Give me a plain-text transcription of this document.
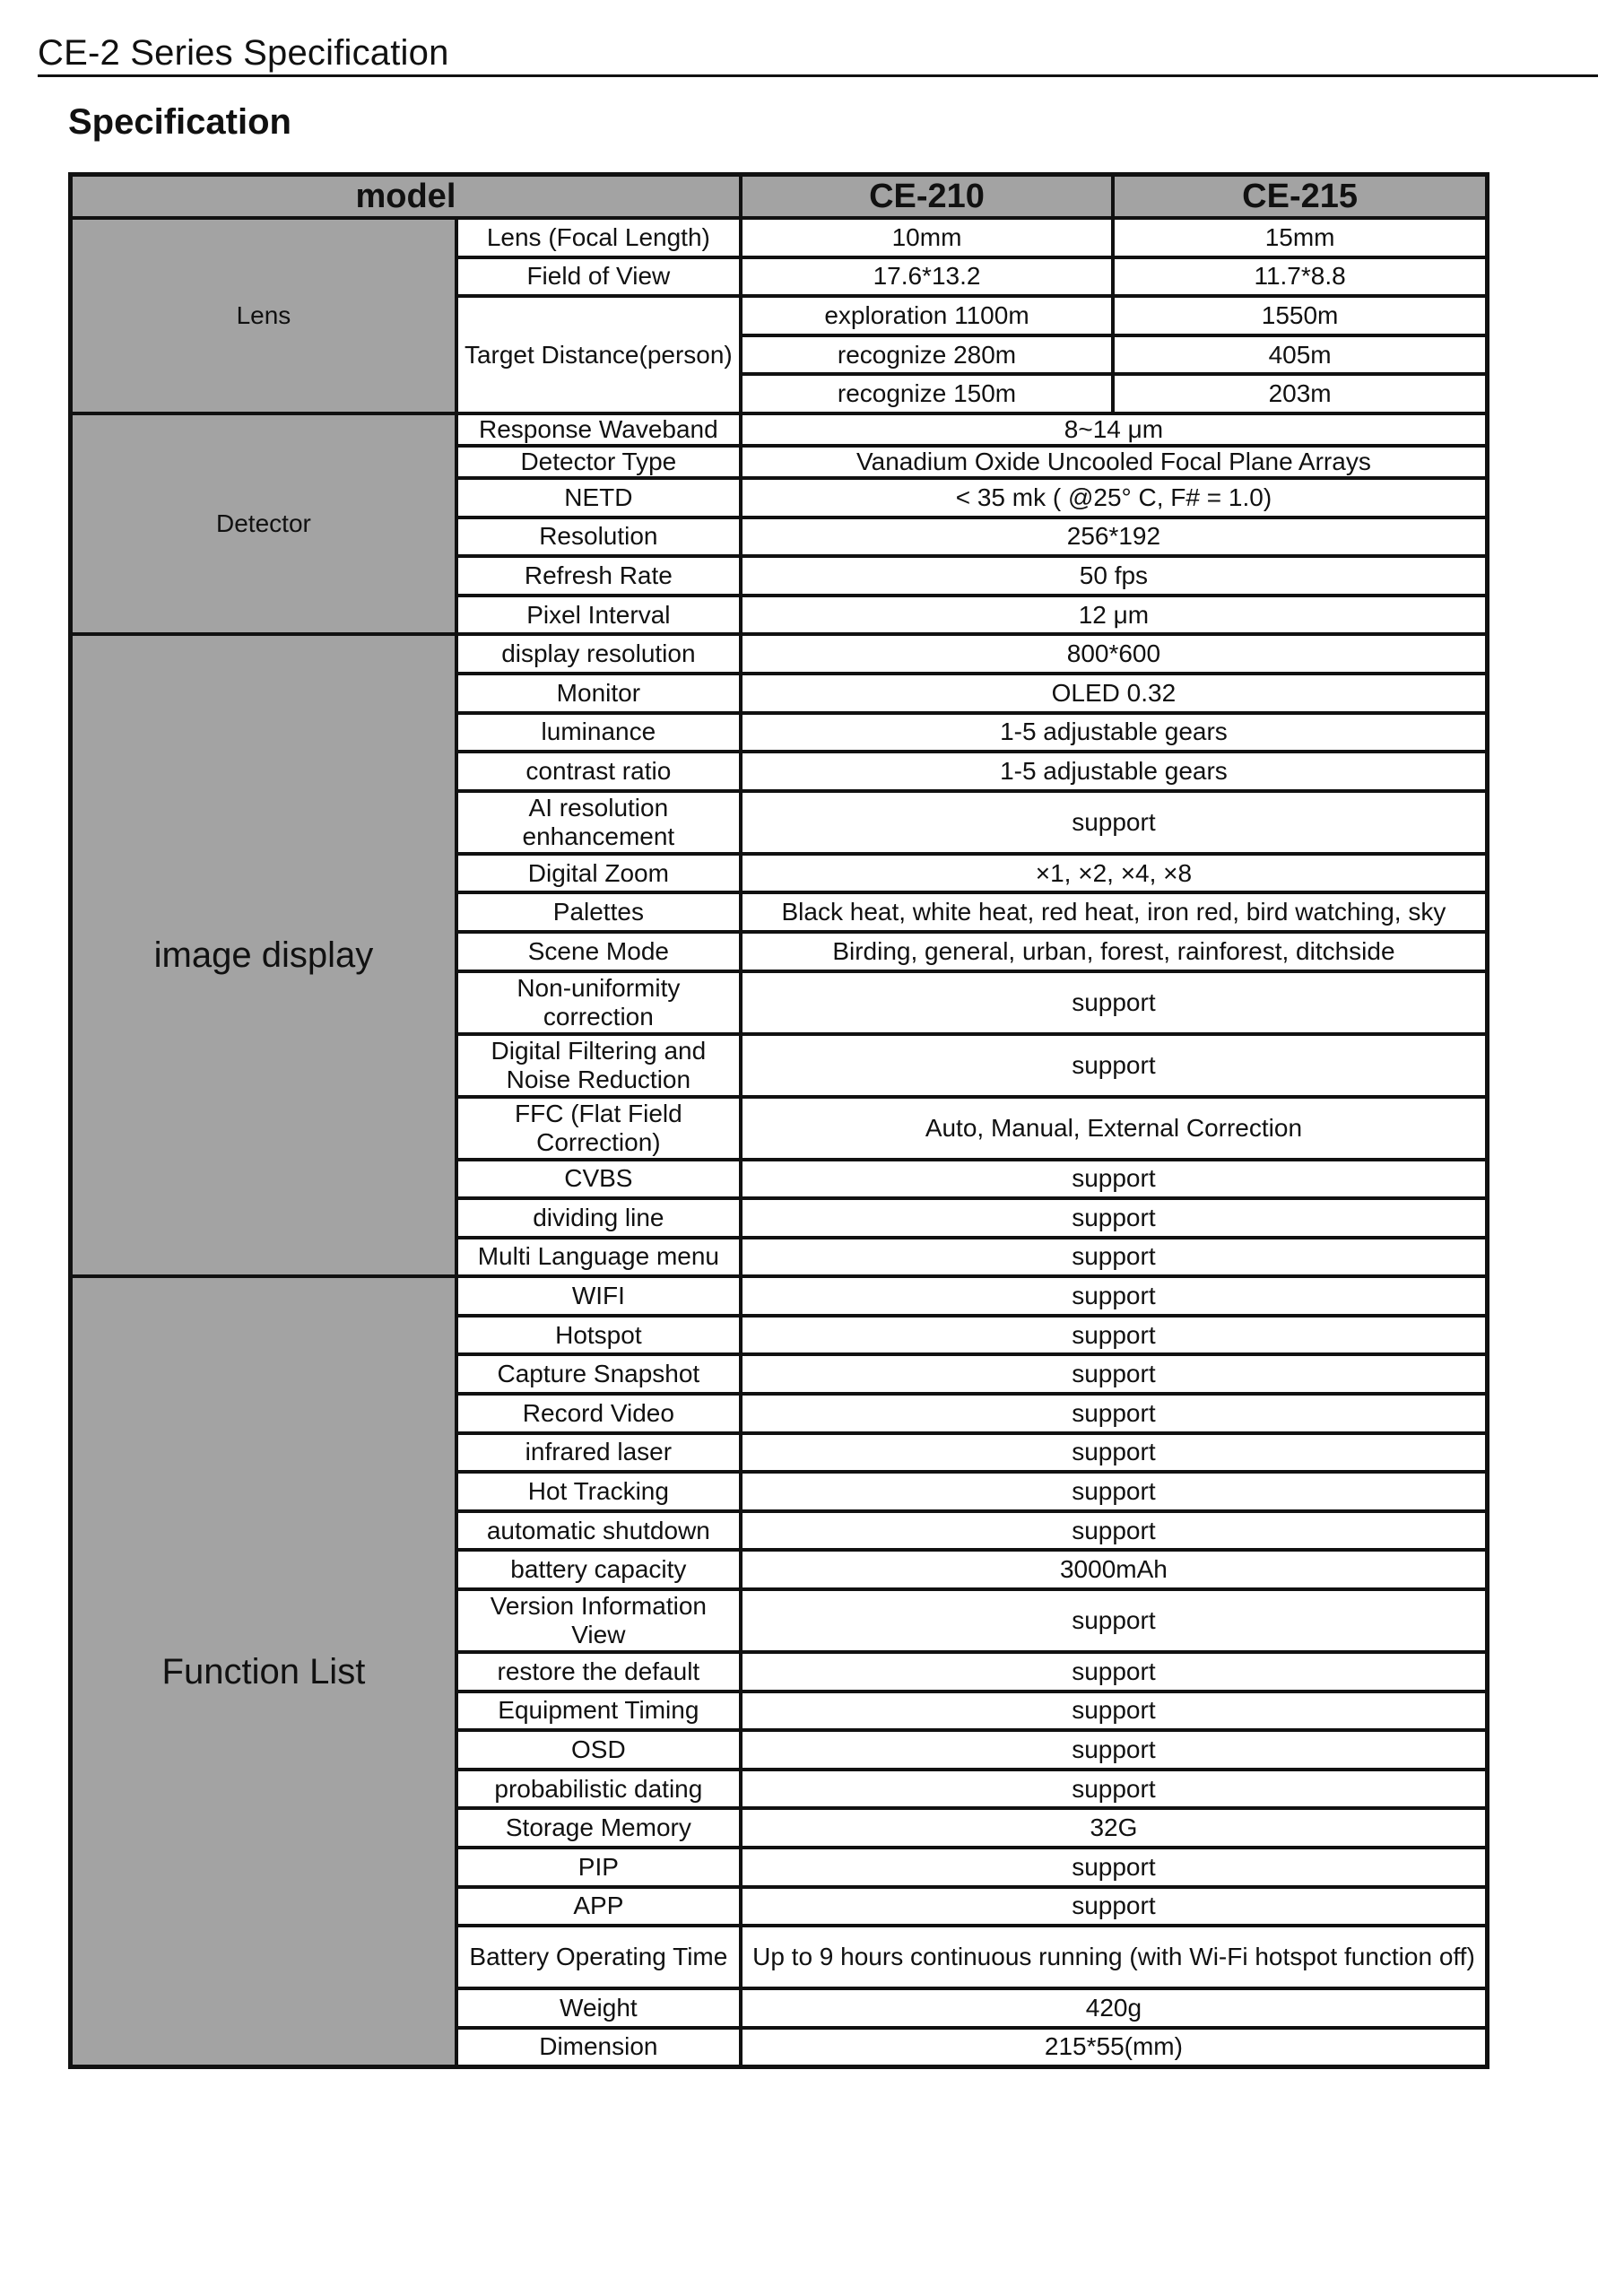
CE-2 Series Specification
Specification
model		CE-210	CE-215
Lens	Lens (Focal Length)	10mm	15mm
	Field of View	17.6*13.2	11.7*8.8
	Target Distance(person)	exploration 1100m	1550m
		recognize 280m	405m
		recognize 150m	203m
Detector	Response Waveband	8~14 μm	
	Detector Type	Vanadium Oxide Uncooled Focal Plane Arrays	
	NETD	< 35 mk ( @25° C, F# = 1.0)	
	Resolution	256*192	
	Refresh Rate	50 fps	
	Pixel Interval	12 μm	
image display	display resolution	800*600	
	Monitor	OLED 0.32	
	luminance	1-5 adjustable gears	
	contrast ratio	1-5 adjustable gears	
	AI resolution enhancement	support	
	Digital Zoom	×1, ×2, ×4, ×8	
	Palettes	Black heat, white heat, red heat, iron red, bird watching, sky	
	Scene Mode	Birding, general, urban, forest, rainforest, ditchside	
	Non-uniformity correction	support	
	Digital Filtering and Noise Reduction	support	
	FFC (Flat Field Correction)	Auto, Manual, External Correction	
	CVBS	support	
	dividing line	support	
	Multi Language menu	support	
Function List	WIFI	support	
	Hotspot	support	
	Capture Snapshot	support	
	Record Video	support	
	infrared laser	support	
	Hot Tracking	support	
	automatic shutdown	support	
	battery capacity	3000mAh	
	Version Information View	support	
	restore the default	support	
	Equipment Timing	support	
	OSD	support	
	probabilistic dating	support	
	Storage Memory	32G	
	PIP	support	
	APP	support	
	Battery Operating Time	Up to 9 hours continuous running (with Wi-Fi hotspot function off)	
	Weight	420g	
	Dimension	215*55(mm)	
